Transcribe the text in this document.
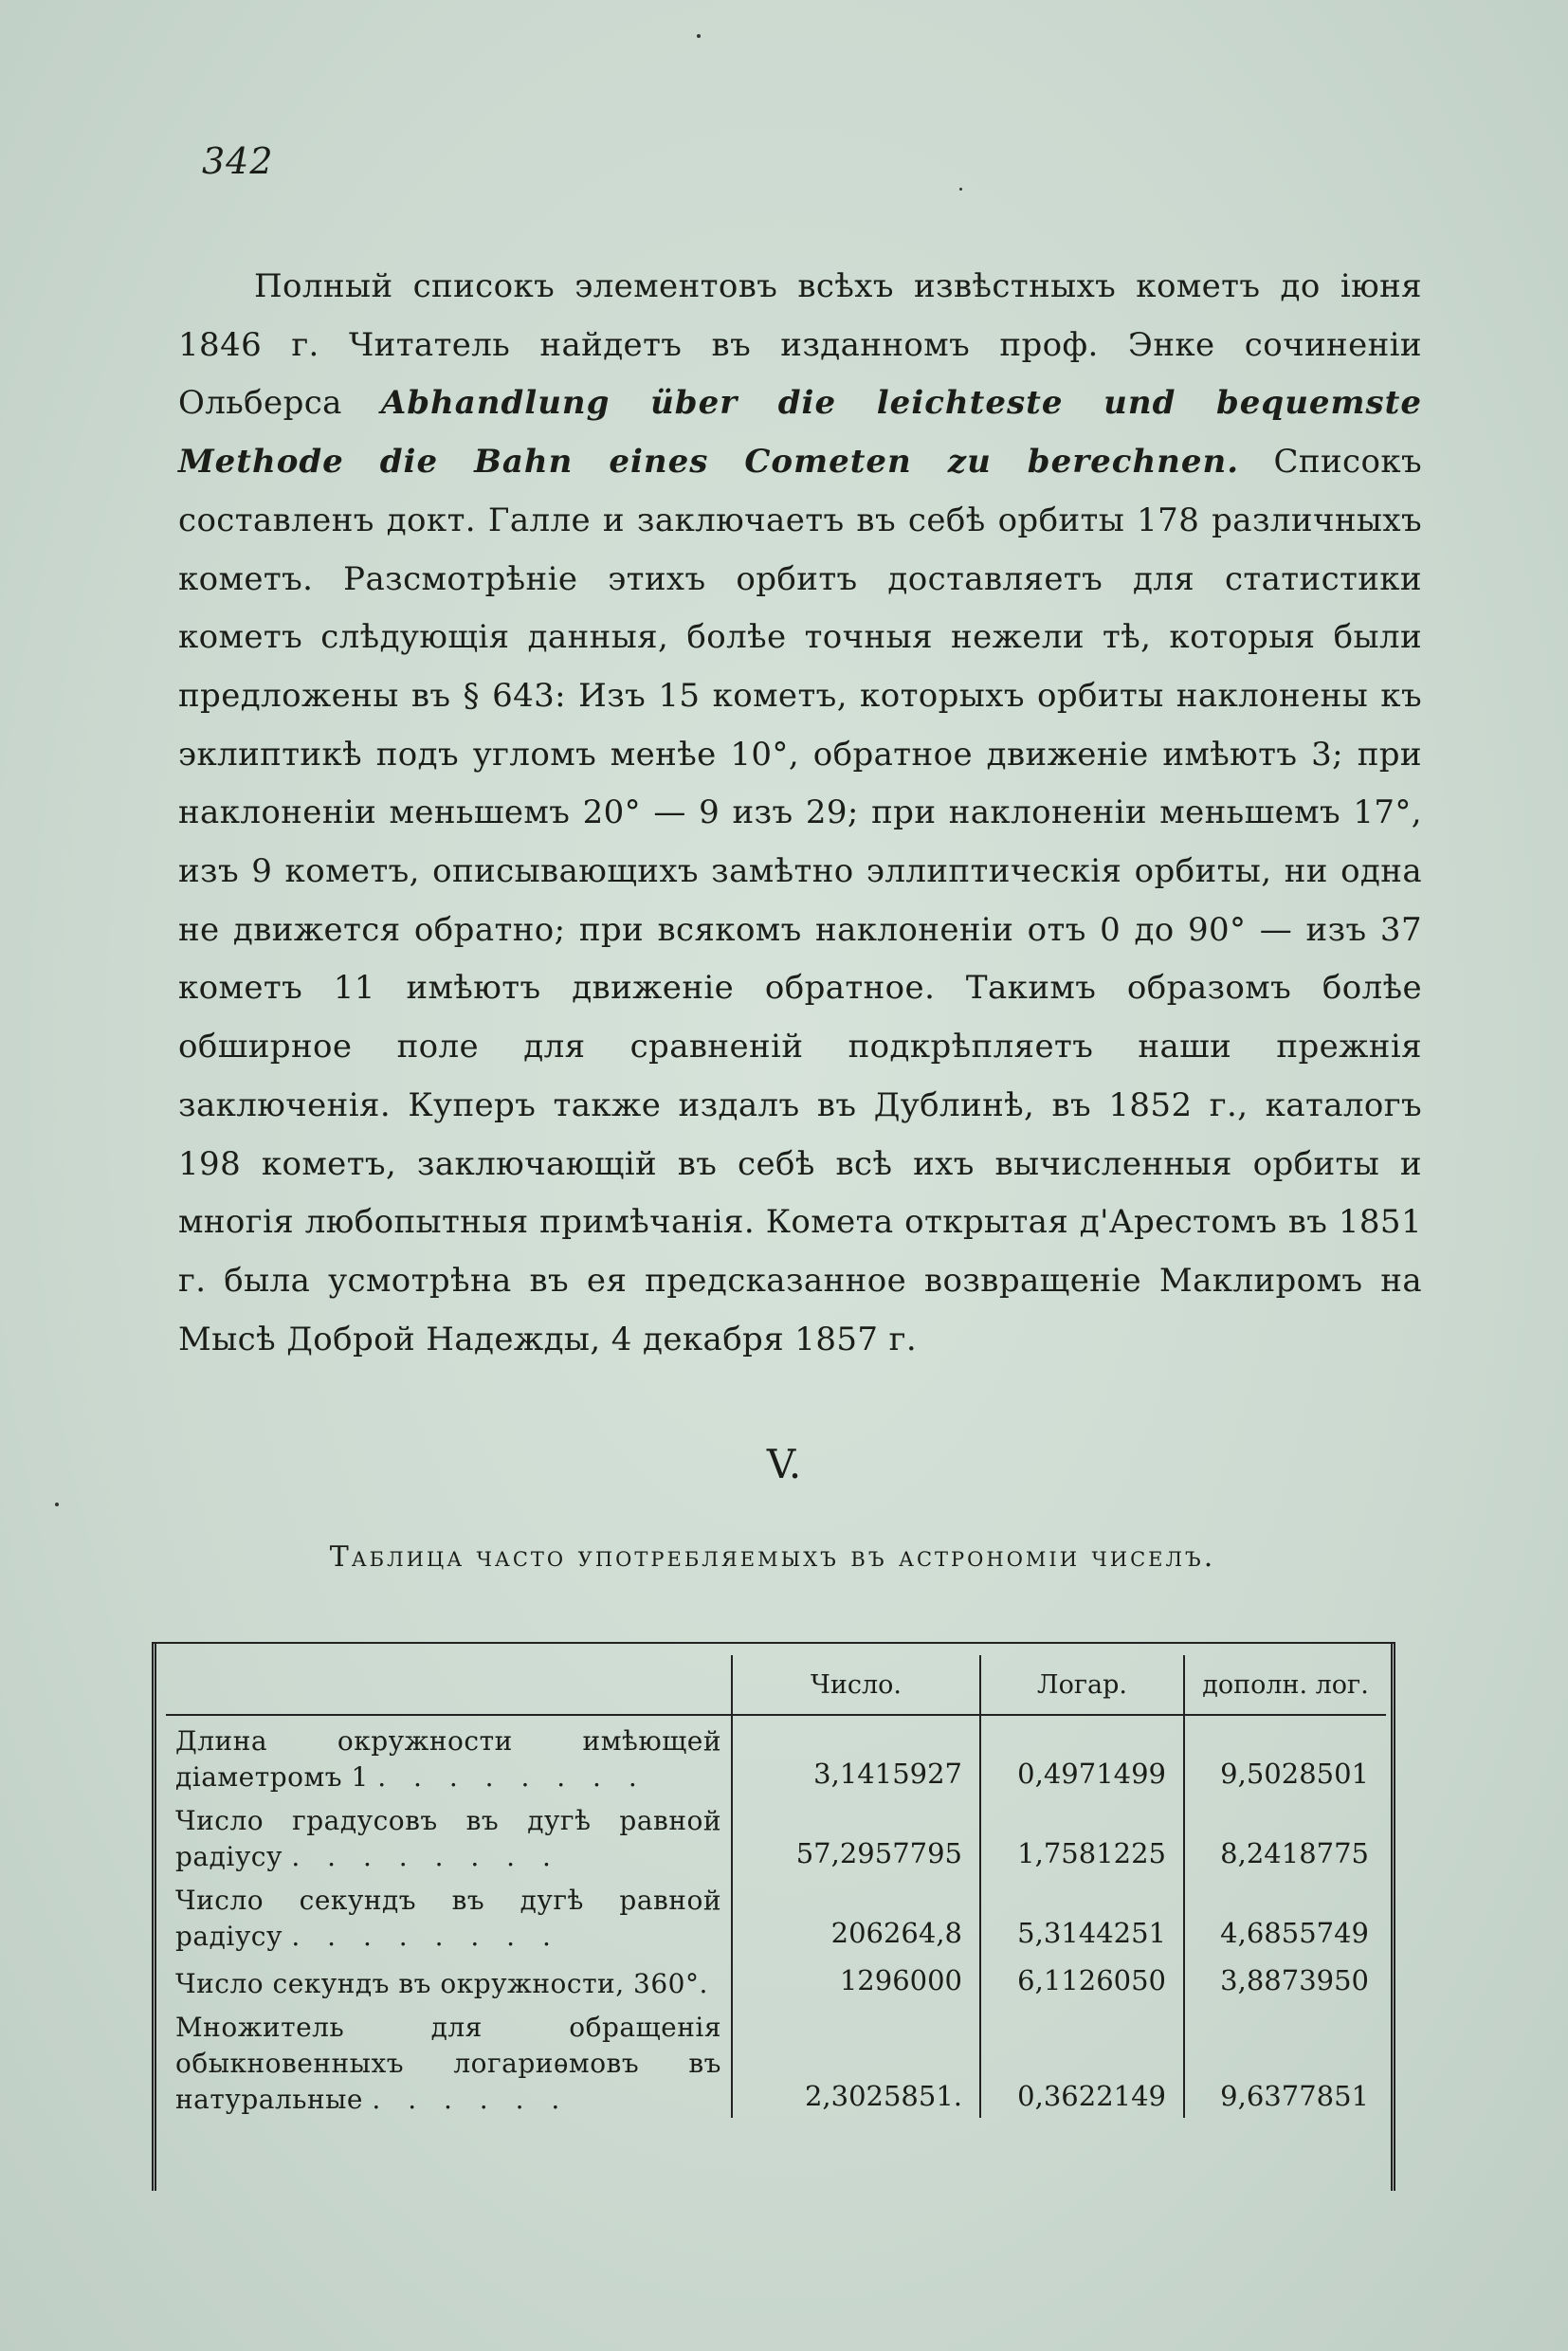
342

Полный списокъ элементовъ всѣхъ извѣстныхъ кометъ до іюня 1846 г. Читатель найдетъ въ изданномъ проф. Энке сочиненіи Ольберса Abhandlung über die leichteste und bequemste Methode die Bahn eines Cometen zu berechnen. Списокъ составленъ докт. Галле и заключаетъ въ себѣ орбиты 178 различныхъ кометъ. Разсмотрѣніе этихъ орбитъ доставляетъ для статистики кометъ слѣдующія данныя, болѣе точныя нежели тѣ, которыя были предложены въ § 643: Изъ 15 кометъ, которыхъ орбиты наклонены къ эклиптикѣ подъ угломъ менѣе 10°, обратное движеніе имѣютъ 3; при наклоненіи меньшемъ 20° — 9 изъ 29; при наклоненіи меньшемъ 17°, изъ 9 кометъ, описывающихъ замѣтно эллиптическія орбиты, ни одна не движется обратно; при всякомъ наклоненіи отъ 0 до 90° — изъ 37 кометъ 11 имѣютъ движеніе обратное. Такимъ образомъ болѣе обширное поле для сравненій подкрѣпляетъ наши прежнія заключенія. Куперъ также издалъ въ Дублинѣ, въ 1852 г., каталогъ 198 кометъ, заключающій въ себѣ всѣ ихъ вычисленныя орбиты и многія любопытныя примѣчанія. Комета открытая д'Арестомъ въ 1851 г. была усмотрѣна въ ея предсказанное возвращеніе Маклиромъ на Мысѣ Доброй Надежды, 4 декабря 1857 г.

V.
Таблица часто употребляемыхъ въ астрономіи чиселъ.
	Число.	Логар.	дополн. лог.
Длина окружности имѣющей діаметромъ 1 . . . . . . . .	3,1415927	0,4971499	9,5028501
Число градусовъ въ дугѣ равной радіусу . . . . . . . .	57,2957795	1,7581225	8,2418775
Число секундъ въ дугѣ равной радіусу . . . . . . . .	206264,8	5,3144251	4,6855749
Число секундъ въ окружности, 360°.	1296000	6,1126050	3,8873950
Множитель для обращенія обыкновенныхъ логариѳмовъ въ натуральные . . . . . .	2,3025851.	0,3622149	9,6377851
